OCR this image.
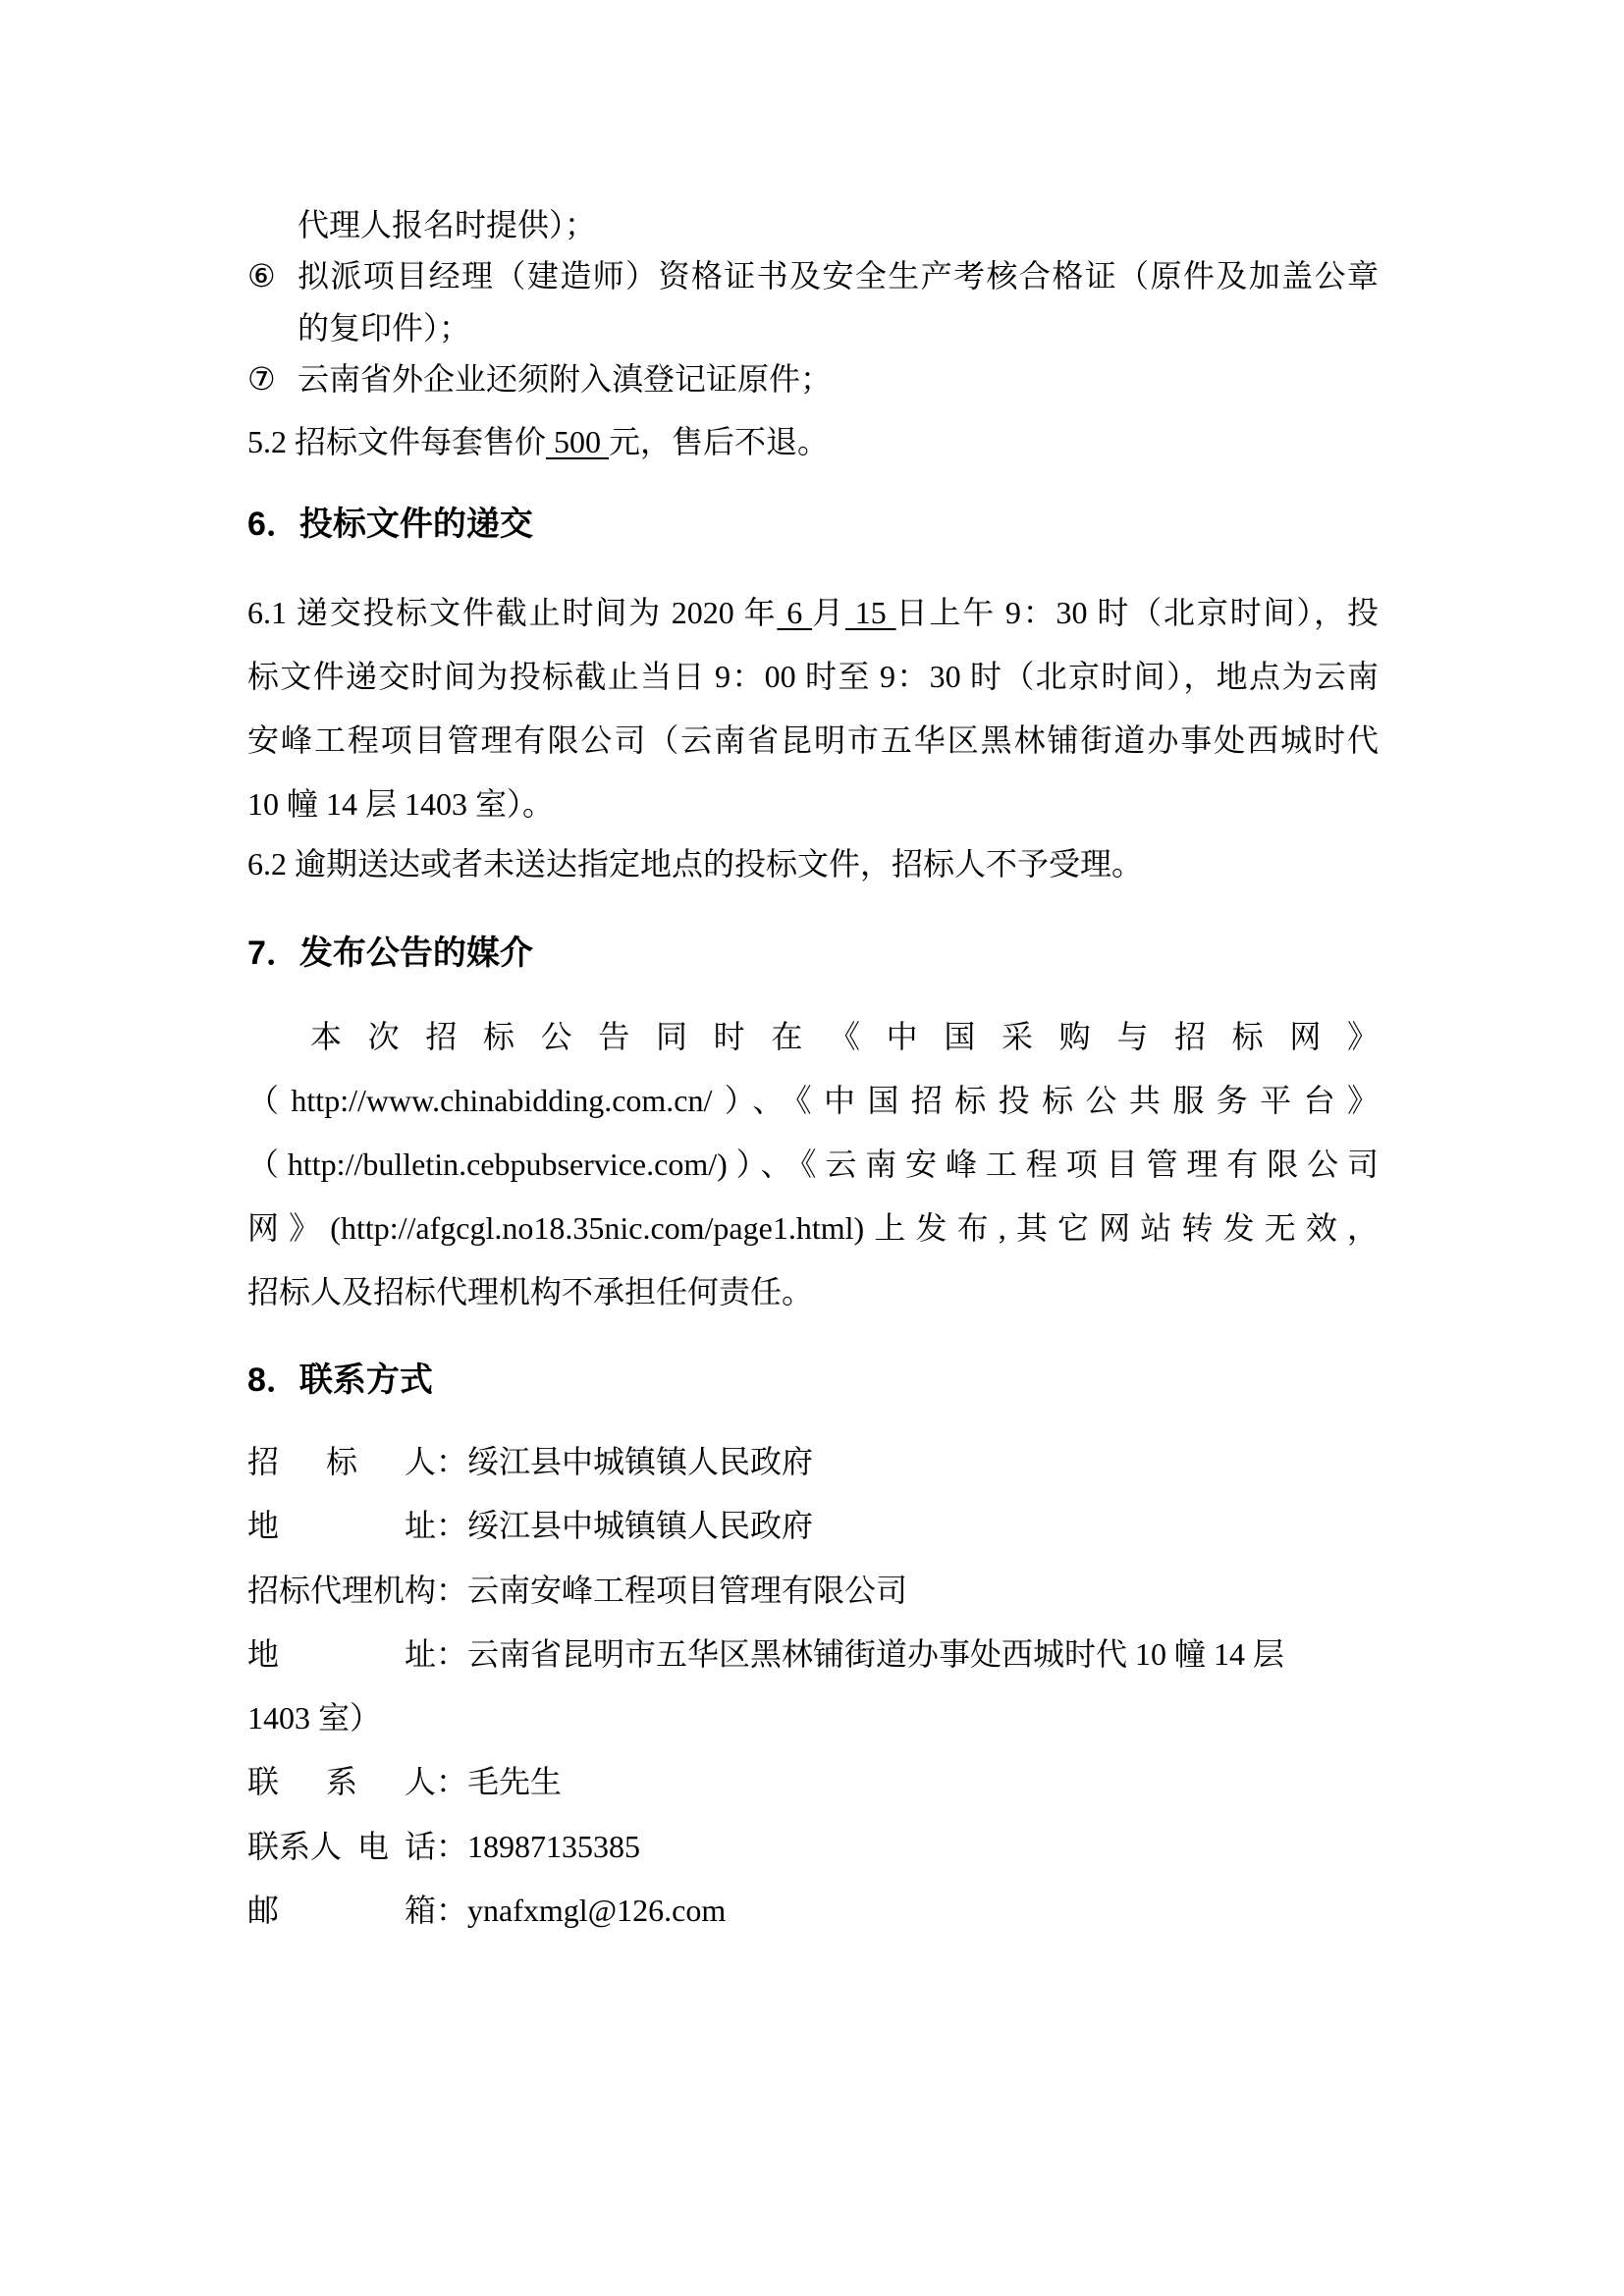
代理人报名时提供）；
⑥ 拟派项目经理（建造师）资格证书及安全生产考核合格证（原件及加盖公章
的复印件）；
⑦ 云南省外企业还须附入滇登记证原件；
5.2 招标文件每套售价 500 元，售后不退。
6．投标文件的递交
6.1 递交投标文件截止时间为 2020 年 6 月 15 日上午 9：30 时（北京时间），投
标文件递交时间为投标截止当日 9：00 时至 9：30 时（北京时间），地点为云南
安峰工程项目管理有限公司（云南省昆明市五华区黑林铺街道办事处西城时代
10 幢 14 层 1403 室）。
6.2 逾期送达或者未送达指定地点的投标文件，招标人不予受理。
7．发布公告的媒介
本次招标公告同时在《中国采购与招标网》
（http://www.chinabidding.com.cn/）、《中国招标投标公共服务平台》
（http://bulletin.cebpubservice.com/)）、《云南安峰工程项目管理有限公司
网》(http://afgcgl.no18.35nic.com/page1.html)上发布,其它网站转发无效，
招标人及招标代理机构不承担任何责任。
8．联系方式
招 标 人 ：绥江县中城镇镇人民政府
地	址 ：绥江县中城镇镇人民政府
招标代理机构 ：云南安峰工程项目管理有限公司
地	址 ：云南省昆明市五华区黑林铺街道办事处西城时代 10 幢 14 层
1403 室）
联 系 人 ：毛先生
联系人 电 话 ：18987135385
邮	箱 ：ynafxmgl@126.com
